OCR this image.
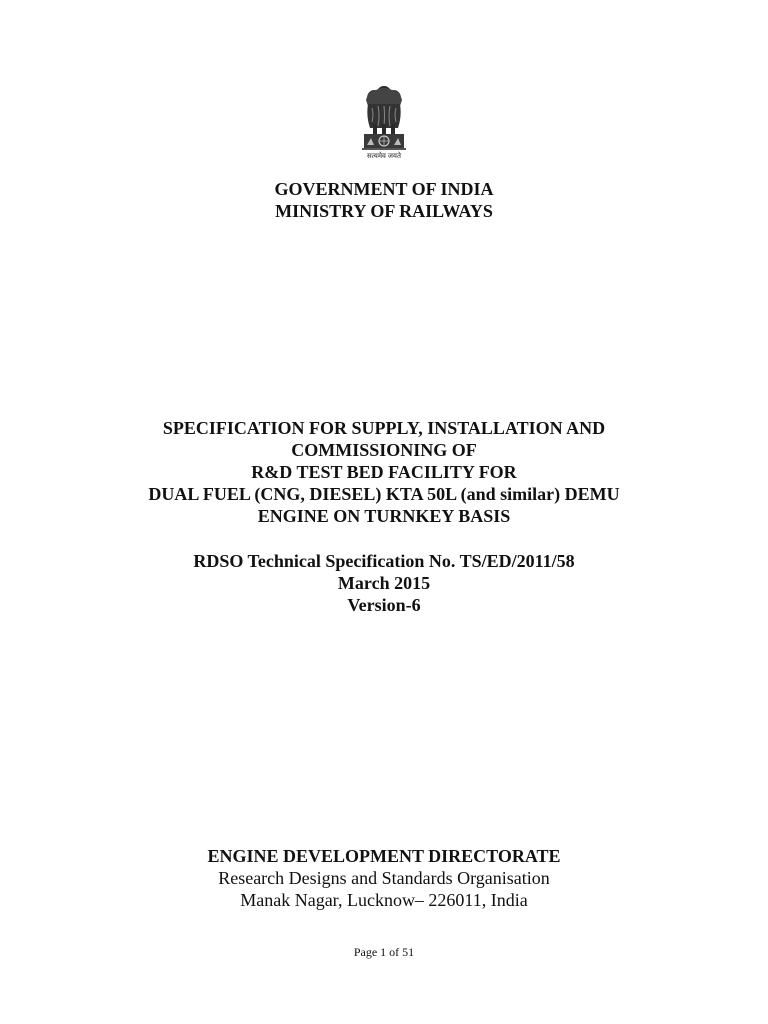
सत्यमेव जयते
GOVERNMENT OF INDIA
MINISTRY OF RAILWAYS
SPECIFICATION FOR SUPPLY, INSTALLATION AND
COMMISSIONING OF
R&D TEST BED FACILITY FOR
DUAL FUEL (CNG, DIESEL) KTA 50L (and similar) DEMU
ENGINE ON TURNKEY BASIS
RDSO Technical Specification No. TS/ED/2011/58
March 2015
Version-6
ENGINE DEVELOPMENT DIRECTORATE
Research Designs and Standards Organisation
Manak Nagar, Lucknow– 226011, India
Page 1 of 51
